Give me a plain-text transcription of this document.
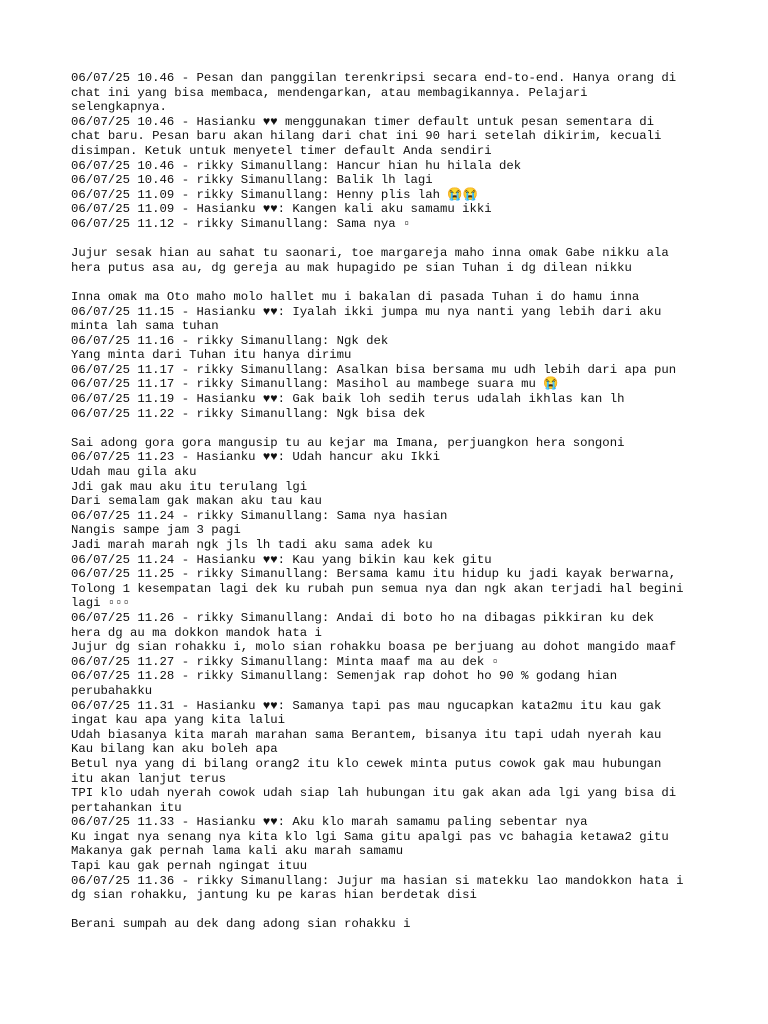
06/07/25 10.46 - Pesan dan panggilan terenkripsi secara end-to-end. Hanya orang di
chat ini yang bisa membaca, mendengarkan, atau membagikannya. Pelajari
selengkapnya.
06/07/25 10.46 - Hasianku ♥♥ menggunakan timer default untuk pesan sementara di
chat baru. Pesan baru akan hilang dari chat ini 90 hari setelah dikirim, kecuali
disimpan. Ketuk untuk menyetel timer default Anda sendiri
06/07/25 10.46 - rikky Simanullang: Hancur hian hu hilala dek
06/07/25 10.46 - rikky Simanullang: Balik lh lagi
06/07/25 11.09 - rikky Simanullang: Henny plis lah 😭😭
06/07/25 11.09 - Hasianku ♥♥: Kangen kali aku samamu ikki
06/07/25 11.12 - rikky Simanullang: Sama nya ▫
Jujur sesak hian au sahat tu saonari, toe margareja maho inna omak Gabe nikku ala
hera putus asa au, dg gereja au mak hupagido pe sian Tuhan i dg dilean nikku
Inna omak ma Oto maho molo hallet mu i bakalan di pasada Tuhan i do hamu inna
06/07/25 11.15 - Hasianku ♥♥: Iyalah ikki jumpa mu nya nanti yang lebih dari aku
minta lah sama tuhan
06/07/25 11.16 - rikky Simanullang: Ngk dek
Yang minta dari Tuhan itu hanya dirimu
06/07/25 11.17 - rikky Simanullang: Asalkan bisa bersama mu udh lebih dari apa pun
06/07/25 11.17 - rikky Simanullang: Masihol au mambege suara mu 😭
06/07/25 11.19 - Hasianku ♥♥: Gak baik loh sedih terus udalah ikhlas kan lh
06/07/25 11.22 - rikky Simanullang: Ngk bisa dek
Sai adong gora gora mangusip tu au kejar ma Imana, perjuangkon hera songoni
06/07/25 11.23 - Hasianku ♥♥: Udah hancur aku Ikki
Udah mau gila aku
Jdi gak mau aku itu terulang lgi
Dari semalam gak makan aku tau kau
06/07/25 11.24 - rikky Simanullang: Sama nya hasian
Nangis sampe jam 3 pagi
Jadi marah marah ngk jls lh tadi aku sama adek ku
06/07/25 11.24 - Hasianku ♥♥: Kau yang bikin kau kek gitu
06/07/25 11.25 - rikky Simanullang: Bersama kamu itu hidup ku jadi kayak berwarna,
Tolong 1 kesempatan lagi dek ku rubah pun semua nya dan ngk akan terjadi hal begini
lagi ▫▫▫
06/07/25 11.26 - rikky Simanullang: Andai di boto ho na dibagas pikkiran ku dek
hera dg au ma dokkon mandok hata i
Jujur dg sian rohakku i, molo sian rohakku boasa pe berjuang au dohot mangido maaf
06/07/25 11.27 - rikky Simanullang: Minta maaf ma au dek ▫
06/07/25 11.28 - rikky Simanullang: Semenjak rap dohot ho 90 % godang hian
perubahakku
06/07/25 11.31 - Hasianku ♥♥: Samanya tapi pas mau ngucapkan kata2mu itu kau gak
ingat kau apa yang kita lalui
Udah biasanya kita marah marahan sama Berantem, bisanya itu tapi udah nyerah kau
Kau bilang kan aku boleh apa
Betul nya yang di bilang orang2 itu klo cewek minta putus cowok gak mau hubungan
itu akan lanjut terus
TPI klo udah nyerah cowok udah siap lah hubungan itu gak akan ada lgi yang bisa di
pertahankan itu
06/07/25 11.33 - Hasianku ♥♥: Aku klo marah samamu paling sebentar nya
Ku ingat nya senang nya kita klo lgi Sama gitu apalgi pas vc bahagia ketawa2 gitu
Makanya gak pernah lama kali aku marah samamu
Tapi kau gak pernah ngingat ituu
06/07/25 11.36 - rikky Simanullang: Jujur ma hasian si matekku lao mandokkon hata i
dg sian rohakku, jantung ku pe karas hian berdetak disi
Berani sumpah au dek dang adong sian rohakku i
